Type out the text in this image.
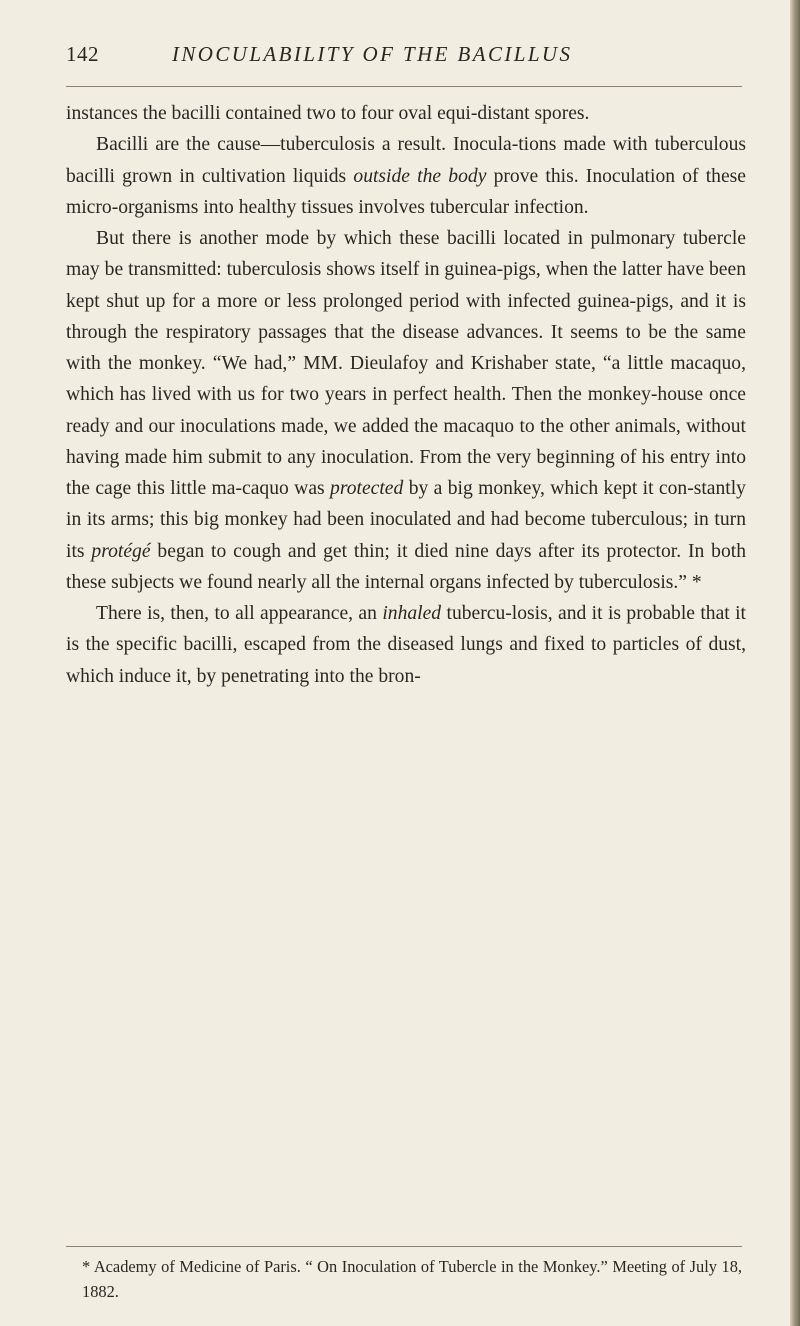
142	INOCULABILITY OF THE BACILLUS

instances the bacilli contained two to four oval equi-distant spores.

Bacilli are the cause—tuberculosis a result. Inocula-tions made with tuberculous bacilli grown in cultivation liquids outside the body prove this. Inoculation of these micro-organisms into healthy tissues involves tubercular infection.

But there is another mode by which these bacilli located in pulmonary tubercle may be transmitted: tuberculosis shows itself in guinea-pigs, when the latter have been kept shut up for a more or less prolonged period with infected guinea-pigs, and it is through the respiratory passages that the disease advances. It seems to be the same with the monkey. “We had,” MM. Dieulafoy and Krishaber state, “a little macaquo, which has lived with us for two years in perfect health. Then the monkey-house once ready and our inoculations made, we added the macaquo to the other animals, without having made him submit to any inoculation. From the very beginning of his entry into the cage this little ma-caquo was protected by a big monkey, which kept it con-stantly in its arms; this big monkey had been inoculated and had become tuberculous; in turn its protégé began to cough and get thin; it died nine days after its protector. In both these subjects we found nearly all the internal organs infected by tuberculosis.” *

There is, then, to all appearance, an inhaled tubercu-losis, and it is probable that it is the specific bacilli, escaped from the diseased lungs and fixed to particles of dust, which induce it, by penetrating into the bron-

* Academy of Medicine of Paris. “ On Inoculation of Tubercle in the Monkey.” Meeting of July 18, 1882.
